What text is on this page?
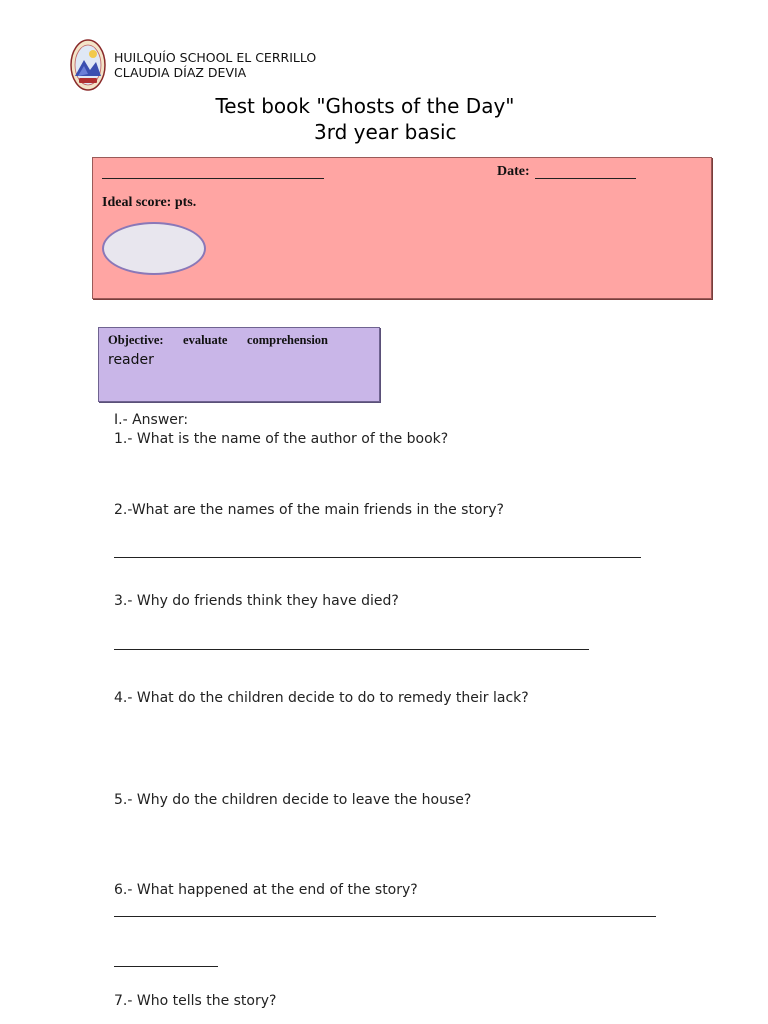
HUILQUÍO SCHOOL EL CERRILLO
CLAUDIA DÍAZ DEVIA
Test book "Ghosts of the Day"
3rd year basic
Date:
Ideal score: pts.
Objective: evaluate comprehension
reader
I.- Answer:
1.- What is the name of the author of the book?
2.-What are the names of the main friends in the story?
3.- Why do friends think they have died?
4.- What do the children decide to do to remedy their lack?
5.- Why do the children decide to leave the house?
6.- What happened at the end of the story?
7.- Who tells the story?
